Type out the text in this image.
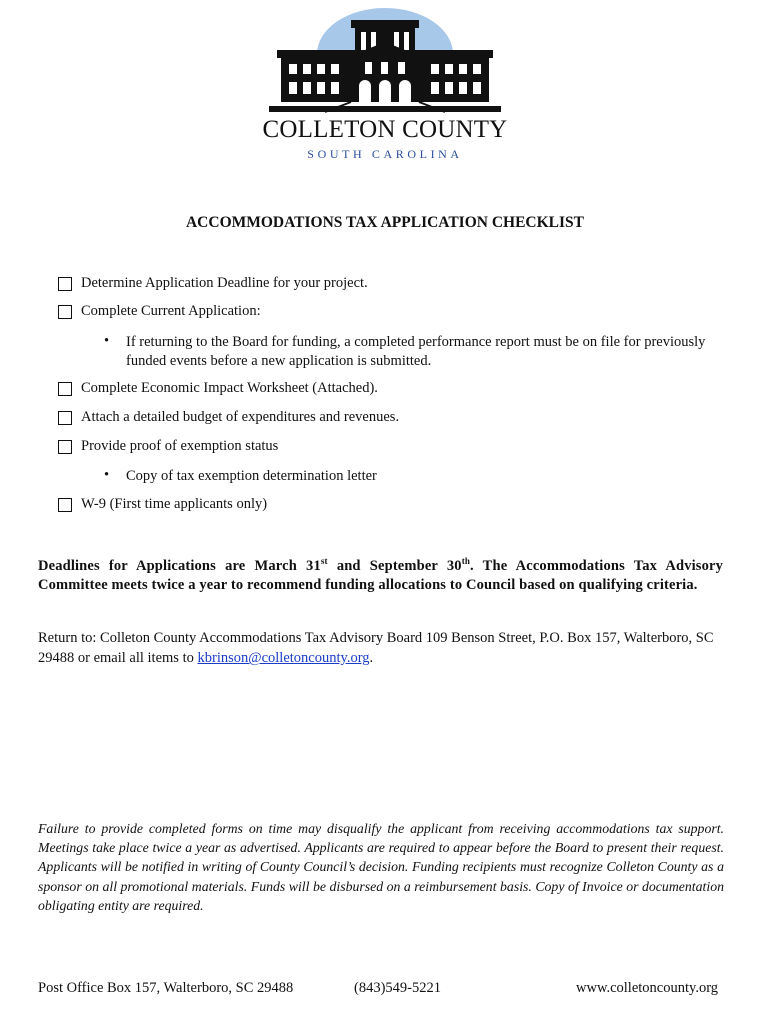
COLLETON COUNTY
SOUTH CAROLINA
ACCOMMODATIONS TAX APPLICATION CHECKLIST
Determine Application Deadline for your project.
Complete Current Application:
•	If returning to the Board for funding, a completed performance report must be on file for previously funded events before a new application is submitted.
Complete Economic Impact Worksheet (Attached).
Attach a detailed budget of expenditures and revenues.
Provide proof of exemption status
•	Copy of tax exemption determination letter
W-9 (First time applicants only)
Deadlines for Applications are March 31st and September 30th. The Accommodations Tax Advisory Committee meets twice a year to recommend funding allocations to Council based on qualifying criteria.
Return to: Colleton County Accommodations Tax Advisory Board 109 Benson Street, P.O. Box 157, Walterboro, SC 29488 or email all items to kbrinson@colletoncounty.org.
Failure to provide completed forms on time may disqualify the applicant from receiving accommodations tax support. Meetings take place twice a year as advertised. Applicants are required to appear before the Board to present their request. Applicants will be notified in writing of County Council’s decision. Funding recipients must recognize Colleton County as a sponsor on all promotional materials. Funds will be disbursed on a reimbursement basis. Copy of Invoice or documentation obligating entity are required.
Post Office Box 157, Walterboro, SC 29488	(843)549-5221	www.colletoncounty.org
